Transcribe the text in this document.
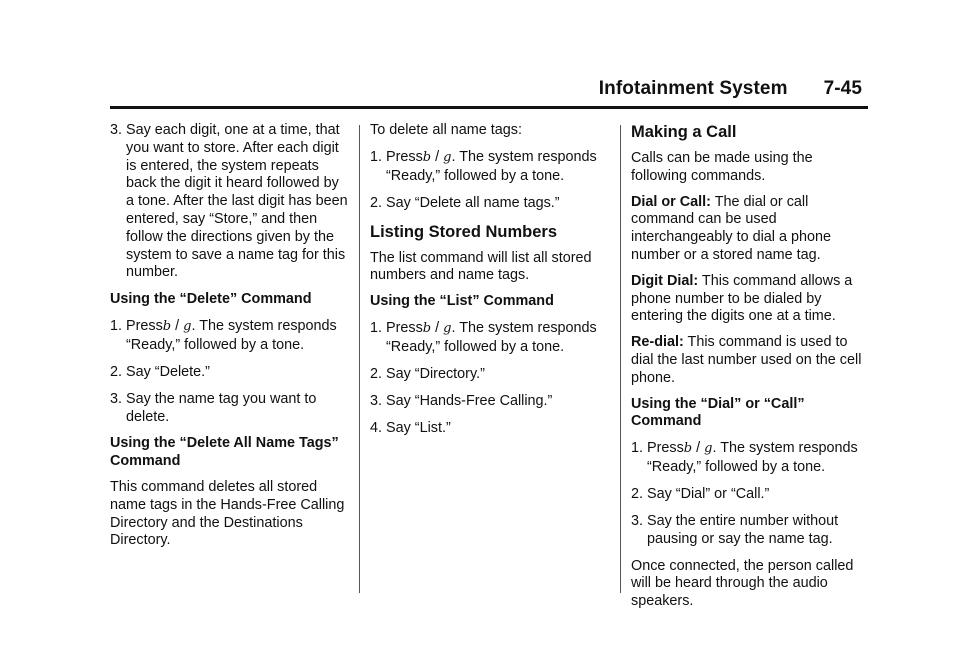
Infotainment System 7-45

3. Say each digit, one at a time, that you want to store. After each digit is entered, the system repeats back the digit it heard followed by a tone. After the last digit has been entered, say “Store,” and then follow the directions given by the system to save a name tag for this number.

Using the “Delete” Command

1. Pressb / g. The system responds “Ready,” followed by a tone.

2. Say “Delete.”

3. Say the name tag you want to delete.

Using the “Delete All Name Tags” Command

This command deletes all stored name tags in the Hands-Free Calling Directory and the Destinations Directory.

To delete all name tags:

1. Pressb / g. The system responds “Ready,” followed by a tone.

2. Say “Delete all name tags.”

Listing Stored Numbers

The list command will list all stored numbers and name tags.

Using the “List” Command

1. Pressb / g. The system responds “Ready,” followed by a tone.

2. Say “Directory.”

3. Say “Hands-Free Calling.”

4. Say “List.”

Making a Call

Calls can be made using the following commands.

Dial or Call: The dial or call command can be used interchangeably to dial a phone number or a stored name tag.

Digit Dial: This command allows a phone number to be dialed by entering the digits one at a time.

Re-dial: This command is used to dial the last number used on the cell phone.

Using the “Dial” or “Call” Command

1. Pressb / g. The system responds “Ready,” followed by a tone.

2. Say “Dial” or “Call.”

3. Say the entire number without pausing or say the name tag.

Once connected, the person called will be heard through the audio speakers.
